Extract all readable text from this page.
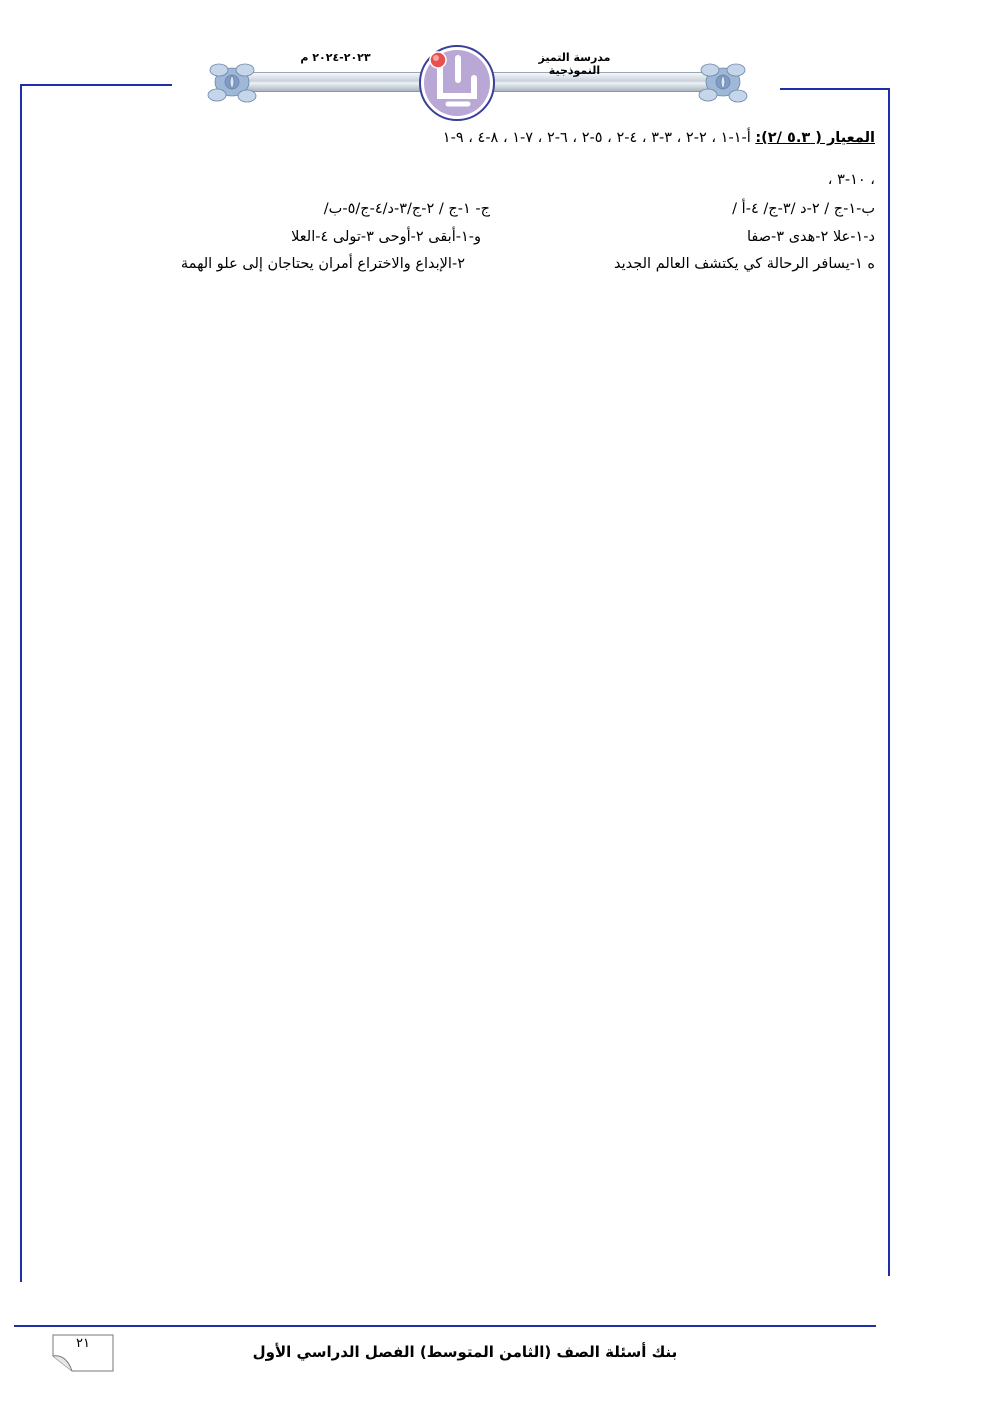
مدرسة التميز النموذجية
٢٠٢٣-٢٠٢٤ م
المعيار ( ٥.٣ /٢): أ-١-١ ، ٢-٢ ، ٣-٣ ، ٤-٢ ، ٥-٢ ، ٦-٢ ، ٧-١ ، ٨-٤ ، ٩-١
، ١٠-٣ ،
ب-١-ج / ٢-د /٣-ج/ ٤-أ /
ج- ١-ج / ٢-ج/٣-د/٤-ج/٥-ب/
د-١-علا ٢-هدى ٣-صفا
و-١-أبقى ٢-أوحى ٣-تولى ٤-العلا
ه ١-يسافر الرحالة كي يكتشف العالم الجديد
٢-الإبداع والاختراع أمران يحتاجان إلى علو الهمة
٢١	بنك أسئلة الصف (الثامن المتوسط) الفصل الدراسي الأول
